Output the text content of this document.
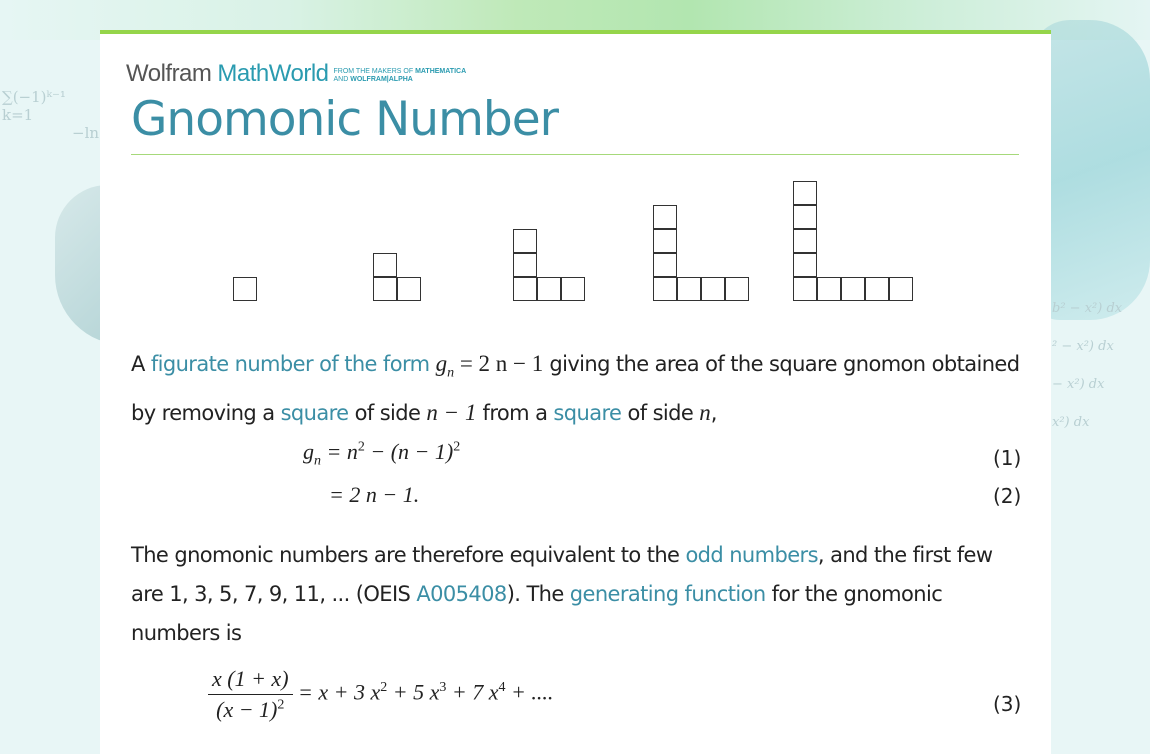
∑(−1)ᵏ⁻¹
k=1
−ln
b² − x²) dx
² − x²) dx
− x²) dx
x²) dx
Wolfram MathWorld FROM THE MAKERS OF MATHEMATICA
AND WOLFRAM|ALPHA
Gnomonic Number
A figurate number of the form $g_n = 2$ n − 1 giving the area of the square gnomon obtained by removing a square of side n − 1 from a square of side n,
$g_n = n^2 - (n - 1)^2$	(1)
= 2 n − 1.	(2)
The gnomonic numbers are therefore equivalent to the odd numbers, and the first few are 1, 3, 5, 7, 9, 11, ... (OEIS A005408). The generating function for the gnomonic numbers is
$\frac{x (1 + x)}{(x - 1)^2} = x + 3$ $x^2 + 5$ $x^3 + 7$ $x^4$ + ....	(3)
